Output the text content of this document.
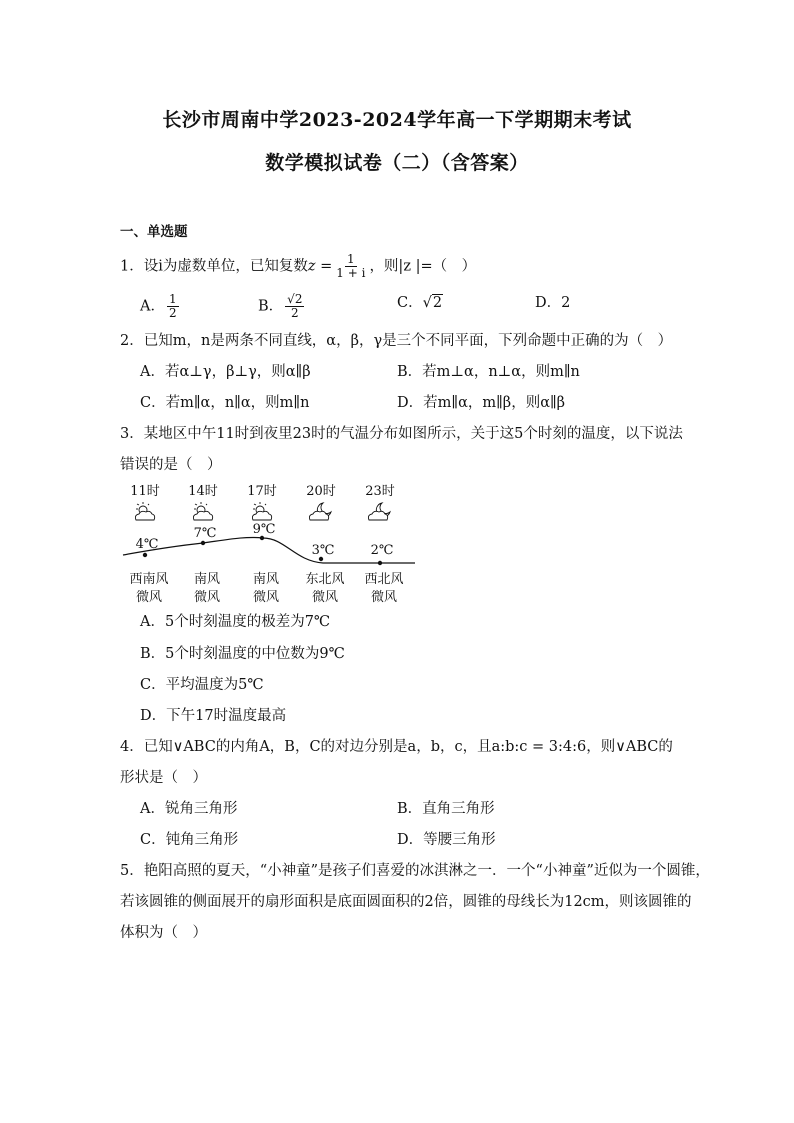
长沙市周南中学2023-2024学年高一下学期期末考试
数学模拟试卷（二）（含答案）
一、单选题
1．设i为虚数单位，已知复数$z = \frac{1}{1 + i}$ ，则|z |=（　）
A． $\frac{1}{2}$	B． $\frac{√2}{2}$	C．√2	D．2
2．已知m，n是两条不同直线，α，β，γ是三个不同平面，下列命题中正确的为（　）
A．若α⊥γ，β⊥γ，则α∥β	B．若m⊥α，n⊥α，则m∥n
C．若m∥α，n∥α，则m∥n	D．若m∥α，m∥β，则α∥β
3．某地区中午11时到夜里23时的气温分布如图所示，关于这5个时刻的温度，以下说法
错误的是（　）
11时 14时 17时 20时 23时
4℃
7℃	9℃
3℃	2℃
西南风 南风	南风 东北风 西北风
微风 微风	微风	微风	微风
A．5个时刻温度的极差为7℃
B．5个时刻温度的中位数为9℃
C．平均温度为5℃
D．下午17时温度最高
4．已知∨ABC的内角A，B，C的对边分别是a，b，c，且a:b:c = 3:4:6，则∨ABC的
形状是（　）
A．锐角三角形	B．直角三角形
C．钝角三角形	D．等腰三角形
5．艳阳高照的夏天，“小神童”是孩子们喜爱的冰淇淋之一．一个“小神童”近似为一个圆锥，
若该圆锥的侧面展开的扇形面积是底面圆面积的2倍，圆锥的母线长为12cm，则该圆锥的
体积为（　）
